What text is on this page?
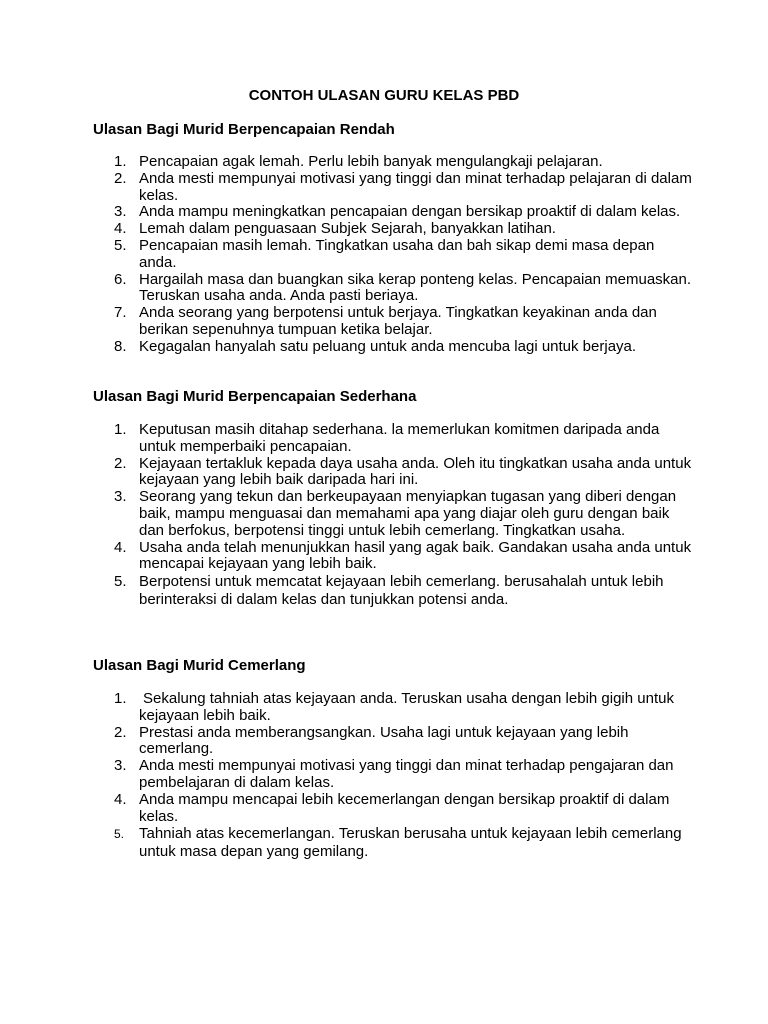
CONTOH ULASAN GURU KELAS PBD
Ulasan Bagi Murid Berpencapaian Rendah
1. Pencapaian agak lemah. Perlu lebih banyak mengulangkaji pelajaran.
2. Anda mesti mempunyai motivasi yang tinggi dan minat terhadap pelajaran di dalam kelas.
3. Anda mampu meningkatkan pencapaian dengan bersikap proaktif di dalam kelas.
4. Lemah dalam penguasaan Subjek Sejarah, banyakkan latihan.
5. Pencapaian masih lemah. Tingkatkan usaha dan bah sikap demi masa depan anda.
6. Hargailah masa dan buangkan sika kerap ponteng kelas. Pencapaian memuaskan. Teruskan usaha anda. Anda pasti beriaya.
7. Anda seorang yang berpotensi untuk berjaya. Tingkatkan keyakinan anda dan berikan sepenuhnya tumpuan ketika belajar.
8. Kegagalan hanyalah satu peluang untuk anda mencuba lagi untuk berjaya.
Ulasan Bagi Murid Berpencapaian Sederhana
1. Keputusan masih ditahap sederhana. la memerlukan komitmen daripada anda untuk memperbaiki pencapaian.
2. Kejayaan tertakluk kepada daya usaha anda. Oleh itu tingkatkan usaha anda untuk kejayaan yang lebih baik daripada hari ini.
3. Seorang yang tekun dan berkeupayaan menyiapkan tugasan yang diberi dengan baik, mampu menguasai dan memahami apa yang diajar oleh guru dengan baik dan berfokus, berpotensi tinggi untuk lebih cemerlang. Tingkatkan usaha.
4. Usaha anda telah menunjukkan hasil yang agak baik. Gandakan usaha anda untuk mencapai kejayaan yang lebih baik.
5. Berpotensi untuk memcatat kejayaan lebih cemerlang. berusahalah untuk lebih berinteraksi di dalam kelas dan tunjukkan potensi anda.
Ulasan Bagi Murid Cemerlang
1. Sekalung tahniah atas kejayaan anda. Teruskan usaha dengan lebih gigih untuk kejayaan lebih baik.
2. Prestasi anda memberangsangkan. Usaha lagi untuk kejayaan yang lebih cemerlang.
3. Anda mesti mempunyai motivasi yang tinggi dan minat terhadap pengajaran dan pembelajaran di dalam kelas.
4. Anda mampu mencapai lebih kecemerlangan dengan bersikap proaktif di dalam kelas.
5. Tahniah atas kecemerlangan. Teruskan berusaha untuk kejayaan lebih cemerlang untuk masa depan yang gemilang.
